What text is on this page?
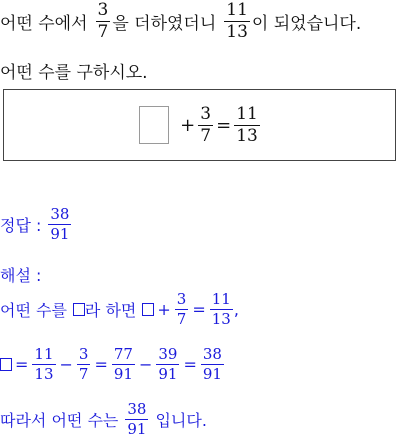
어떤 수에서 $\frac{3}{7}$ 을 더하였더니 $\frac{11}{13}$ 이 되었습니다.
어떤 수를 구하시오.
+ $\frac{3}{7} = \frac{11}{13}$
정답 : $\frac{38}{91}$
해설 :
어떤 수를 라 하면 + $\frac{3}{7} = \frac{11}{13}$ ,
= $\frac{11}{13} - \frac{3}{7} = \frac{77}{91} - \frac{39}{91} = \frac{38}{91}$
따라서 어떤 수는 $\frac{38}{91}$ 입니다.
